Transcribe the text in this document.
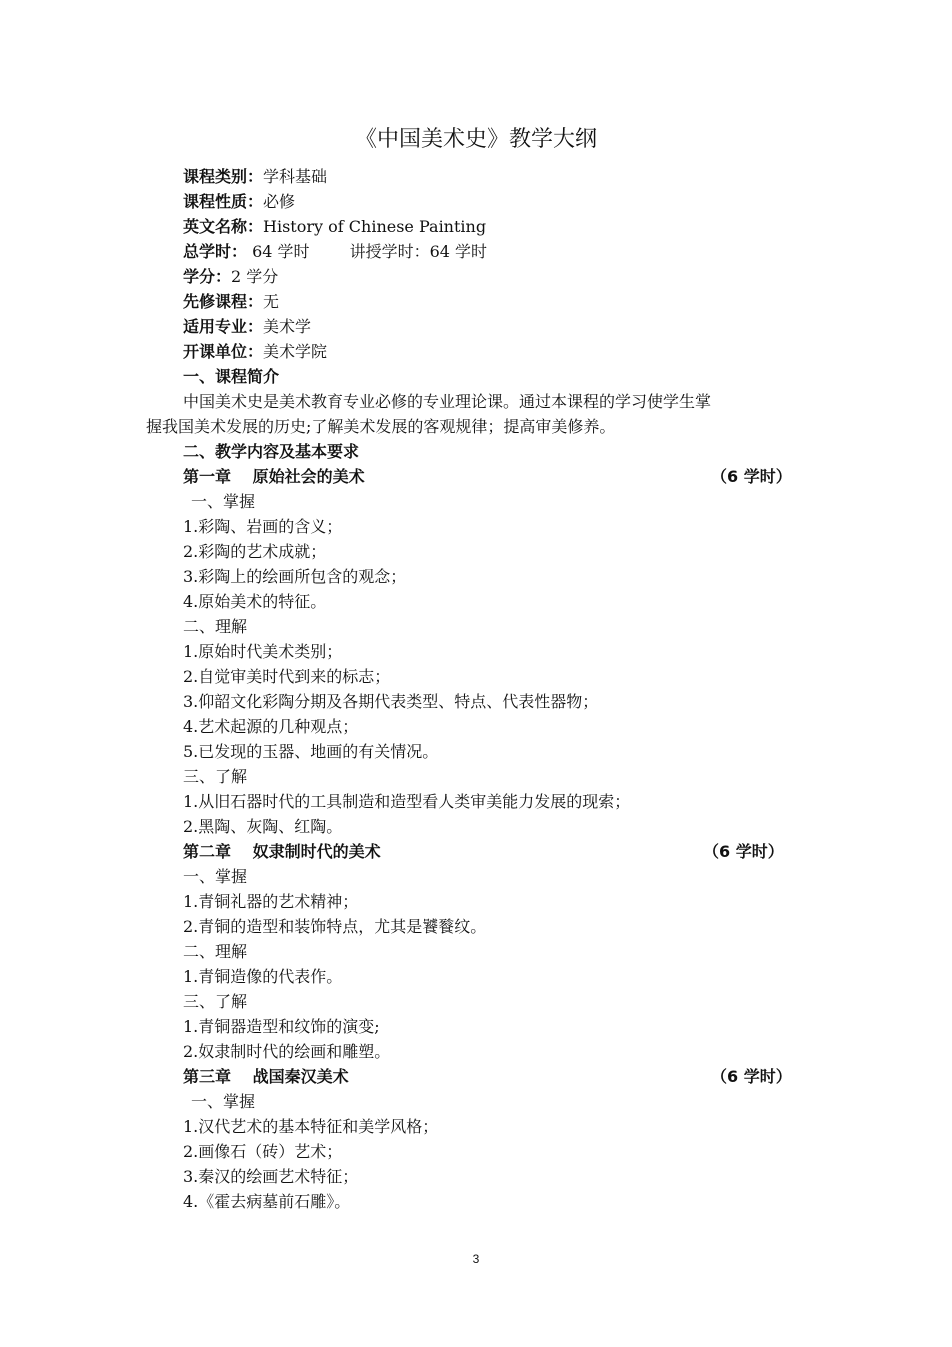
《中国美术史》教学大纲
课程类别：学科基础
课程性质：必修
英文名称：History of Chinese Painting
总学时： 64 学时	讲授学时：64 学时
学分：2 学分
先修课程：无
适用专业：美术学
开课单位：美术学院
一、课程简介
中国美术史是美术教育专业必修的专业理论课。通过本课程的学习使学生掌
握我国美术发展的历史;了解美术发展的客观规律；提高审美修养。
二、教学内容及基本要求
第一章　 原始社会的美术	（6 学时）
一、掌握
1.彩陶、岩画的含义；
2.彩陶的艺术成就；
3.彩陶上的绘画所包含的观念；
4.原始美术的特征。
二、理解
1.原始时代美术类别；
2.自觉审美时代到来的标志；
3.仰韶文化彩陶分期及各期代表类型、特点、代表性器物；
4.艺术起源的几种观点；
5.已发现的玉器、地画的有关情况。
三、了解
1.从旧石器时代的工具制造和造型看人类审美能力发展的现索；
2.黑陶、灰陶、红陶。
第二章　 奴隶制时代的美术	（6 学时）
一、掌握
1.青铜礼器的艺术精神；
2.青铜的造型和装饰特点，尤其是饕餮纹。
二、理解
1.青铜造像的代表作。
三、了解
1.青铜器造型和纹饰的演变;
2.奴隶制时代的绘画和雕塑。
第三章　 战国秦汉美术	（6 学时）
一、掌握
1.汉代艺术的基本特征和美学风格；
2.画像石（砖）艺术；
3.秦汉的绘画艺术特征；
4.《霍去病墓前石雕》。
3
